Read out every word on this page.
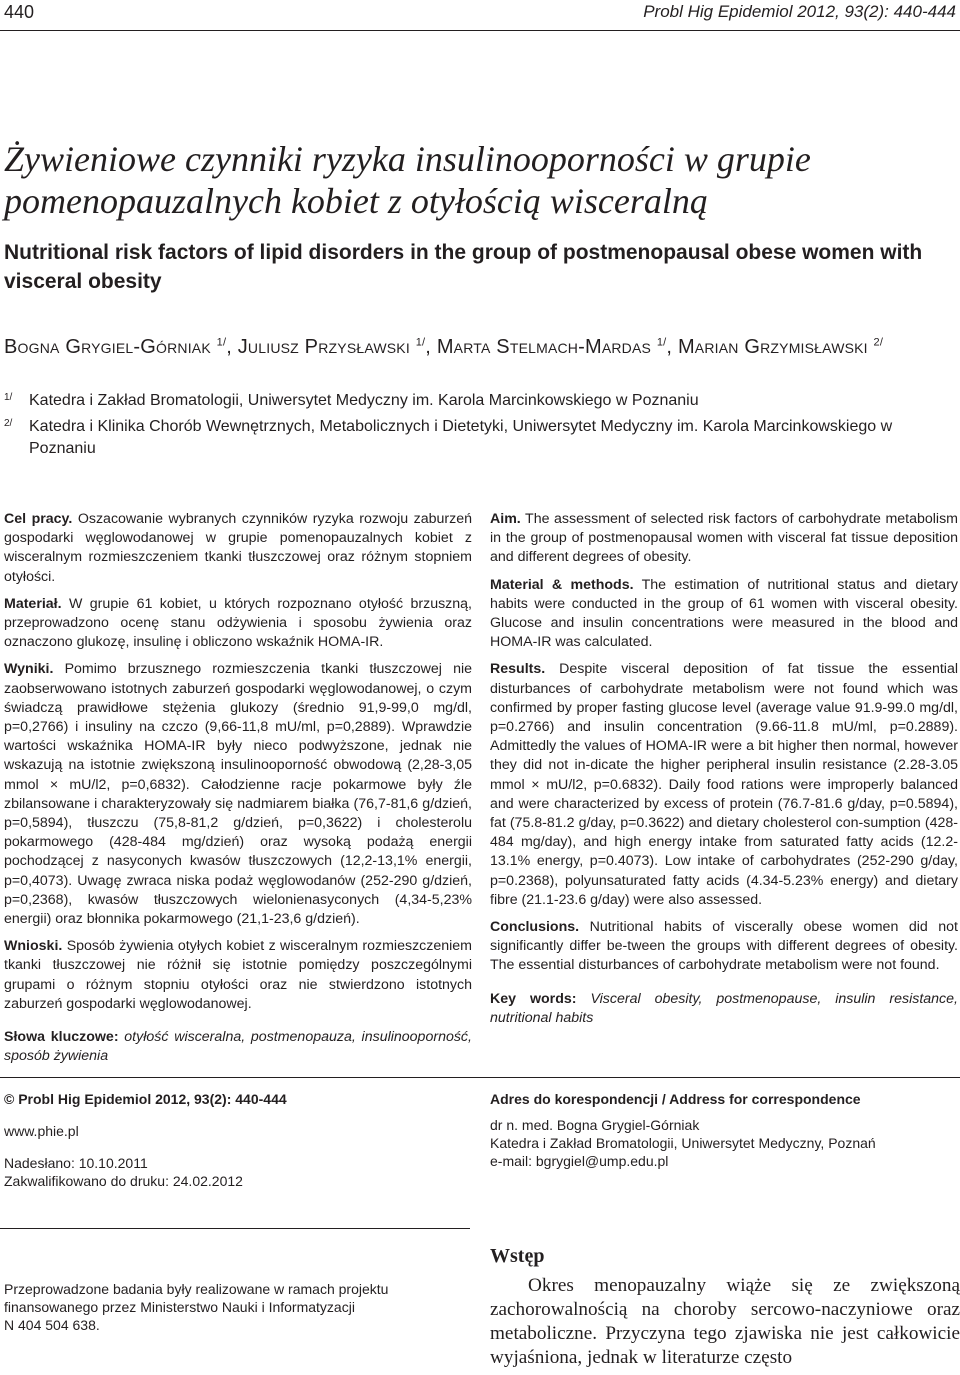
440	Probl Hig Epidemiol 2012, 93(2): 440-444
Żywieniowe czynniki ryzyka insulinooporności w grupie pomenopauzalnych kobiet z otyłością wisceralną
Nutritional risk factors of lipid disorders in the group of postmenopausal obese women with visceral obesity
Bogna Grygiel-Górniak $^{1/}$, Juliusz Przysławski $^{1/}$, Marta Stelmach-Mardas $^{1/}$, Marian Grzymisławski $^{2/}$
1/ Katedra i Zakład Bromatologii, Uniwersytet Medyczny im. Karola Marcinkowskiego w Poznaniu
2/ Katedra i Klinika Chorób Wewnętrznych, Metabolicznych i Dietetyki, Uniwersytet Medyczny im. Karola Marcinkowskiego w Poznaniu

Cel pracy. Oszacowanie wybranych czynników ryzyka rozwoju zaburzeń gospodarki węglowodanowej w grupie pomenopauzalnych kobiet z wisceralnym rozmieszczeniem tkanki tłuszczowej oraz różnym stopniem otyłości.

Materiał. W grupie 61 kobiet, u których rozpoznano otyłość brzuszną, przeprowadzono ocenę stanu odżywienia i sposobu żywienia oraz oznaczono glukozę, insulinę i obliczono wskaźnik HOMA-IR.

Wyniki. Pomimo brzusznego rozmieszczenia tkanki tłuszczowej nie zaobserwowano istotnych zaburzeń gospodarki węglowodanowej, o czym świadczą prawidłowe stężenia glukozy (średnio 91,9-99,0 mg/dl, p=0,2766) i insuliny na czczo (9,66-11,8 mU/ml, p=0,2889). Wprawdzie wartości wskaźnika HOMA-IR były nieco podwyższone, jednak nie wskazują na istotnie zwiększoną insulinooporność obwodową (2,28-3,05 mmol × mU/l2, p=0,6832). Całodzienne racje pokarmowe były źle zbilansowane i charakteryzowały się nadmiarem białka (76,7-81,6 g/dzień, p=0,5894), tłuszczu (75,8-81,2 g/dzień, p=0,3622) i cholesterolu pokarmowego (428-484 mg/dzień) oraz wysoką podażą energii pochodzącej z nasyconych kwasów tłuszczowych (12,2-13,1% energii, p=0,4073). Uwagę zwraca niska podaż węglowodanów (252-290 g/dzień, p=0,2368), kwasów tłuszczowych wielonienasyconych (4,34-5,23% energii) oraz błonnika pokarmowego (21,1-23,6 g/dzień).

Wnioski. Sposób żywienia otyłych kobiet z wisceralnym rozmieszczeniem tkanki tłuszczowej nie różnił się istotnie pomiędzy poszczególnymi grupami o różnym stopniu otyłości oraz nie stwierdzono istotnych zaburzeń gospodarki węglowodanowej.

Słowa kluczowe: otyłość wisceralna, postmenopauza, insulinooporność, sposób żywienia

Aim. The assessment of selected risk factors of carbohydrate metabolism in the group of postmenopausal women with visceral fat tissue deposition and different degrees of obesity.

Material & methods. The estimation of nutritional status and dietary habits were conducted in the group of 61 women with visceral obesity. Glucose and insulin concentrations were measured in the blood and HOMA-IR was calculated.

Results. Despite visceral deposition of fat tissue the essential disturbances of carbohydrate metabolism were not found which was confirmed by proper fasting glucose level (average value 91.9-99.0 mg/dl, p=0.2766) and insulin concentration (9.66-11.8 mU/ml, p=0.2889). Admittedly the values of HOMA-IR were a bit higher then normal, however they did not in-dicate the higher peripheral insulin resistance (2.28-3.05 mmol × mU/l2, p=0.6832). Daily food rations were improperly balanced and were characterized by excess of protein (76.7-81.6 g/day, p=0.5894), fat (75.8-81.2 g/day, p=0.3622) and dietary cholesterol con-sumption (428-484 mg/day), and high energy intake from saturated fatty acids (12.2-13.1% energy, p=0.4073). Low intake of carbohydrates (252-290 g/day, p=0.2368), polyunsaturated fatty acids (4.34-5.23% energy) and dietary fibre (21.1-23.6 g/day) were also assessed.

Conclusions. Nutritional habits of viscerally obese women did not significantly differ be-tween the groups with different degrees of obesity. The essential disturbances of carbohydrate metabolism were not found.

Key words: Visceral obesity, postmenopause, insulin resistance, nutritional habits

© Probl Hig Epidemiol 2012, 93(2): 440-444

www.phie.pl

Nadesłano: 10.10.2011

Zakwalifikowano do druku: 24.02.2012

Adres do korespondencji / Address for correspondence

dr n. med. Bogna Grygiel-Górniak

Katedra i Zakład Bromatologii, Uniwersytet Medyczny, Poznań

e-mail: bgrygiel@ump.edu.pl

Przeprowadzone badania były realizowane w ramach projektu

finansowanego przez Ministerstwo Nauki i Informatyzacji

N 404 504 638.

Wstęp
Okres menopauzalny wiąże się ze zwiększoną zachorowalnością na choroby sercowo-naczyniowe oraz metaboliczne. Przyczyna tego zjawiska nie jest całkowicie wyjaśniona, jednak w literaturze często
